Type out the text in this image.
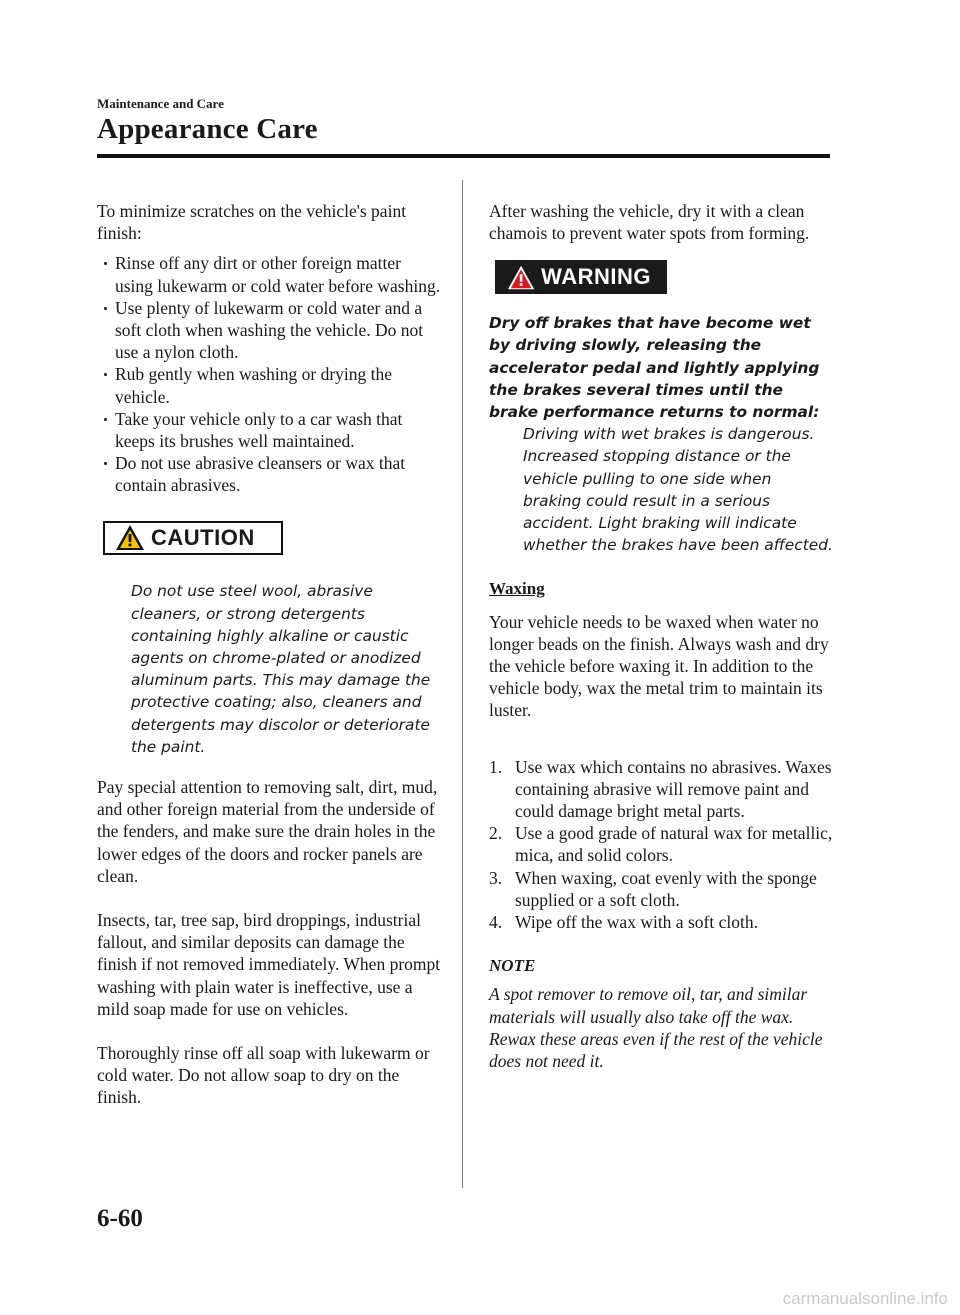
Maintenance and Care
Appearance Care

To minimize scratches on the vehicle's paint finish:

Rinse off any dirt or other foreign matter using lukewarm or cold water before washing.
Use plenty of lukewarm or cold water and a soft cloth when washing the vehicle. Do not use a nylon cloth.
Rub gently when washing or drying the vehicle.
Take your vehicle only to a car wash that keeps its brushes well maintained.
Do not use abrasive cleansers or wax that contain abrasives.
CAUTION

Do not use steel wool, abrasive cleaners, or strong detergents containing highly alkaline or caustic agents on chrome-plated or anodized aluminum parts. This may damage the protective coating; also, cleaners and detergents may discolor or deteriorate the paint.

Pay special attention to removing salt, dirt, mud, and other foreign material from the underside of the fenders, and make sure the drain holes in the lower edges of the doors and rocker panels are clean.

Insects, tar, tree sap, bird droppings, industrial fallout, and similar deposits can damage the finish if not removed immediately. When prompt washing with plain water is ineffective, use a mild soap made for use on vehicles.

Thoroughly rinse off all soap with lukewarm or cold water. Do not allow soap to dry on the finish.

After washing the vehicle, dry it with a clean chamois to prevent water spots from forming.

WARNING

Dry off brakes that have become wet by driving slowly, releasing the accelerator pedal and lightly applying the brakes several times until the brake performance returns to normal:

Driving with wet brakes is dangerous. Increased stopping distance or the vehicle pulling to one side when braking could result in a serious accident. Light braking will indicate whether the brakes have been affected.

Waxing

Your vehicle needs to be waxed when water no longer beads on the finish. Always wash and dry the vehicle before waxing it. In addition to the vehicle body, wax the metal trim to maintain its luster.

1. Use wax which contains no abrasives. Waxes containing abrasive will remove paint and could damage bright metal parts.
2. Use a good grade of natural wax for metallic, mica, and solid colors.
3. When waxing, coat evenly with the sponge supplied or a soft cloth.
4. Wipe off the wax with a soft cloth.

NOTE

A spot remover to remove oil, tar, and similar materials will usually also take off the wax. Rewax these areas even if the rest of the vehicle does not need it.

6-60
carmanualsonline.info
